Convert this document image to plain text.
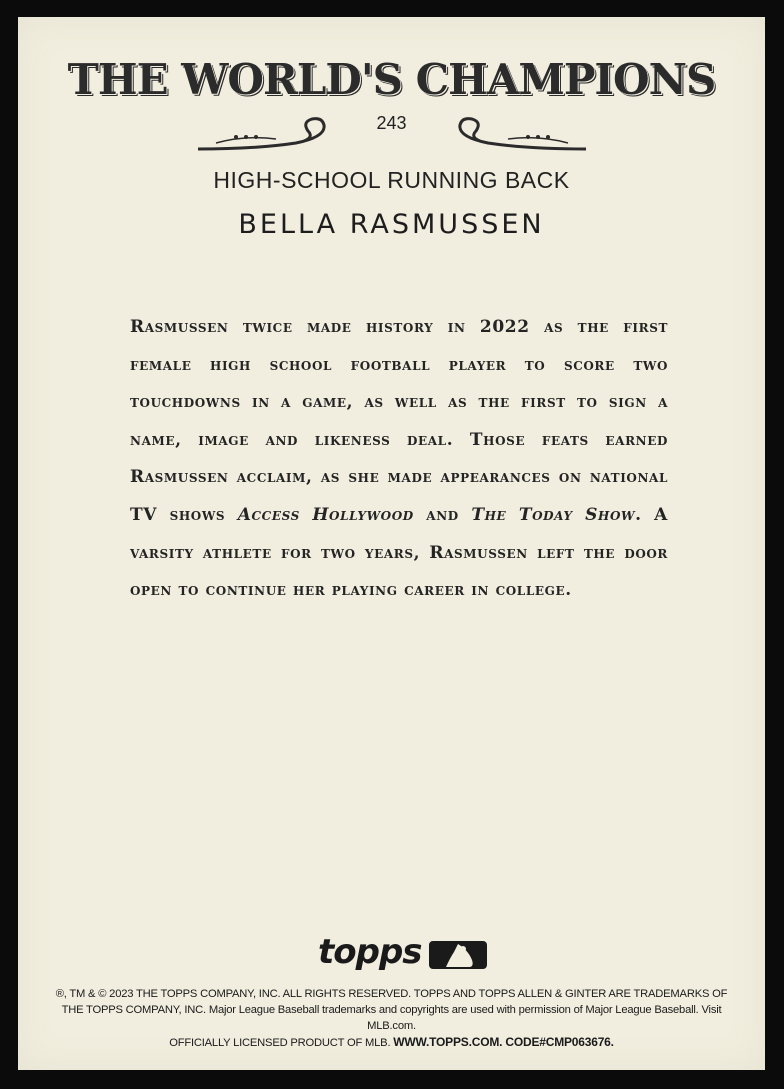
THE WORLD'S CHAMPIONS
243
HIGH-SCHOOL RUNNING BACK
BELLA RASMUSSEN
Rasmussen twice made history in 2022 as the first female high school football player to score two touchdowns in a game, as well as the first to sign a name, image and likeness deal. Those feats earned Rasmussen acclaim, as she made appearances on national TV shows Access Hollywood and The Today Show. A varsity athlete for two years, Rasmussen left the door open to continue her playing career in college.
topps
®, TM & © 2023 THE TOPPS COMPANY, INC. ALL RIGHTS RESERVED. TOPPS AND TOPPS ALLEN & GINTER ARE TRADEMARKS OF
THE TOPPS COMPANY, INC. Major League Baseball trademarks and copyrights are used with permission of Major League Baseball. Visit MLB.com.
OFFICIALLY LICENSED PRODUCT OF MLB. WWW.TOPPS.COM. CODE#CMP063676.
